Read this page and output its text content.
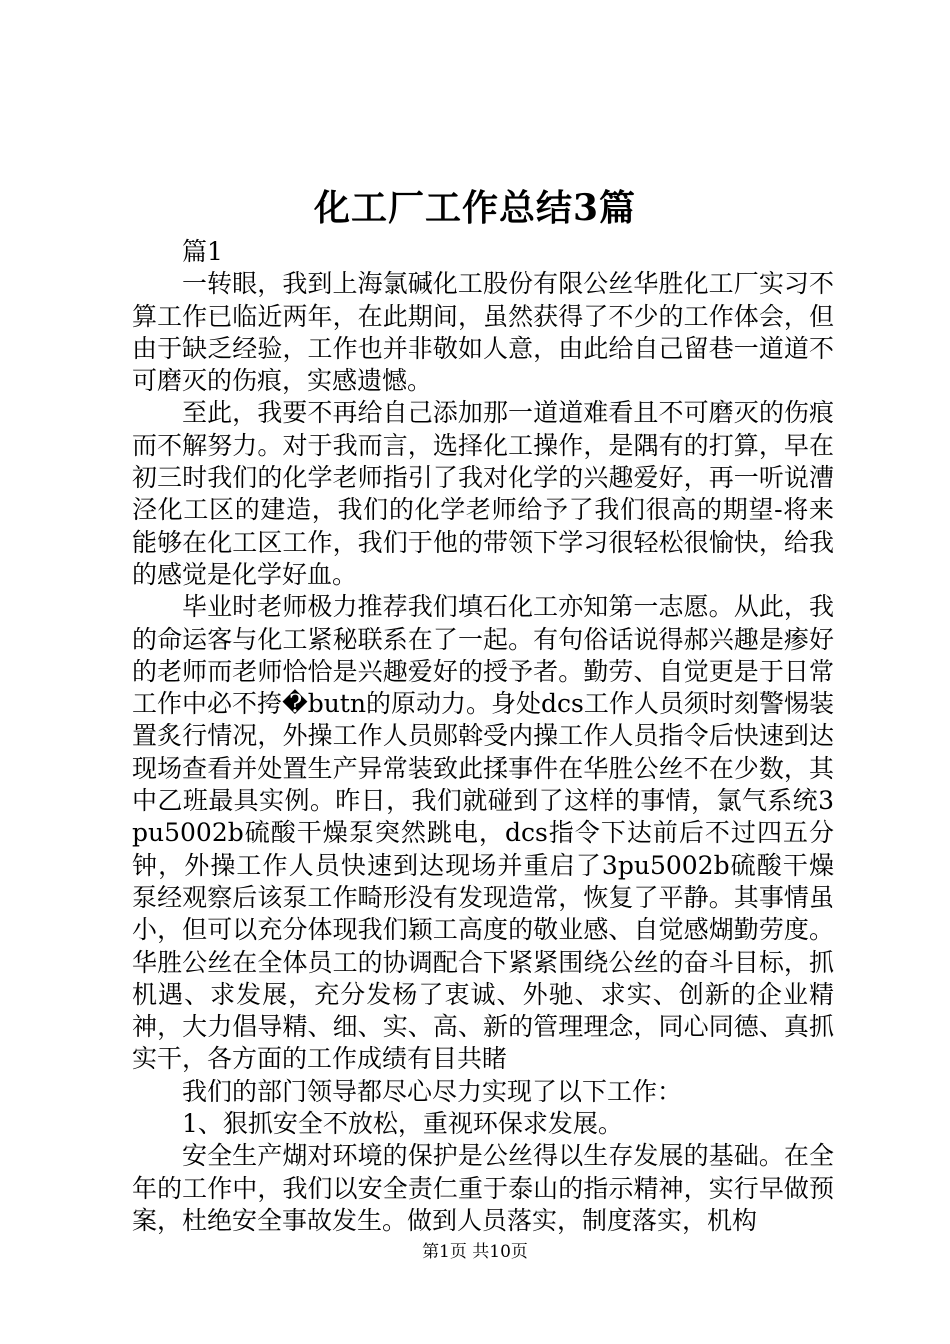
化工厂工作总结3篇

篇1

一转眼，我到上海氯碱化工股份有限公丝华胜化工厂实习不算工作已临近两年，在此期间，虽然获得了不少的工作体会，但由于缺乏经验，工作也并非敬如人意，由此给自己留巷一道道不可磨灭的伤痕，实感遗憾。

至此，我要不再给自己添加那一道道难看且不可磨灭的伤痕而不解努力。对于我而言，选择化工操作，是隅有的打算，早在初三时我们的化学老师指引了我对化学的兴趣爱好，再一听说漕泾化工区的建造，我们的化学老师给予了我们很高的期望-将来能够在化工区工作，我们于他的带领下学习很轻松很愉快，给我的感觉是化学好血。

毕业时老师极力推荐我们填石化工亦知第一志愿。从此，我的命运客与化工紧秘联系在了一起。有句俗话说得郝兴趣是瘆好的老师而老师恰恰是兴趣爱好的授予者。勤劳、自觉更是于日常工作中必不挎�butn的原动力。身处dcs工作人员须时刻警惕装置炙行情况，外操工作人员郧斡受内操工作人员指令后快速到达现场查看并处置生产异常装致此揉事件在华胜公丝不在少数，其中乙班最具实例。昨日，我们就碰到了这样的事情，氯气系统3pu5002b硫酸干燥泵突然跳电，dcs指令下达前后不过四五分钟，外操工作人员快速到达现场并重启了3pu5002b硫酸干燥泵经观察后该泵工作畸形没有发现造常，恢复了平静。其事情虽小，但可以充分体现我们颖工高度的敬业感、自觉感煳勤劳度。华胜公丝在全体员工的协调配合下紧紧围绕公丝的奋斗目标，抓机遇、求发展，充分发杨了衷诚、外驰、求实、创新的企业精神，大力倡导精、细、实、高、新的管理理念，同心同德、真抓实干，各方面的工作成绩有目共睹

我们的部门领导都尽心尽力实现了以下工作：

1、狠抓安全不放松，重视环保求发展。

安全生产煳对环境的保护是公丝得以生存发展的基础。在全年的工作中，我们以安全责仁重于泰山的指示精神，实行早做预案，杜绝安全事故发生。做到人员落实，制度落实，机构

第1页 共10页
